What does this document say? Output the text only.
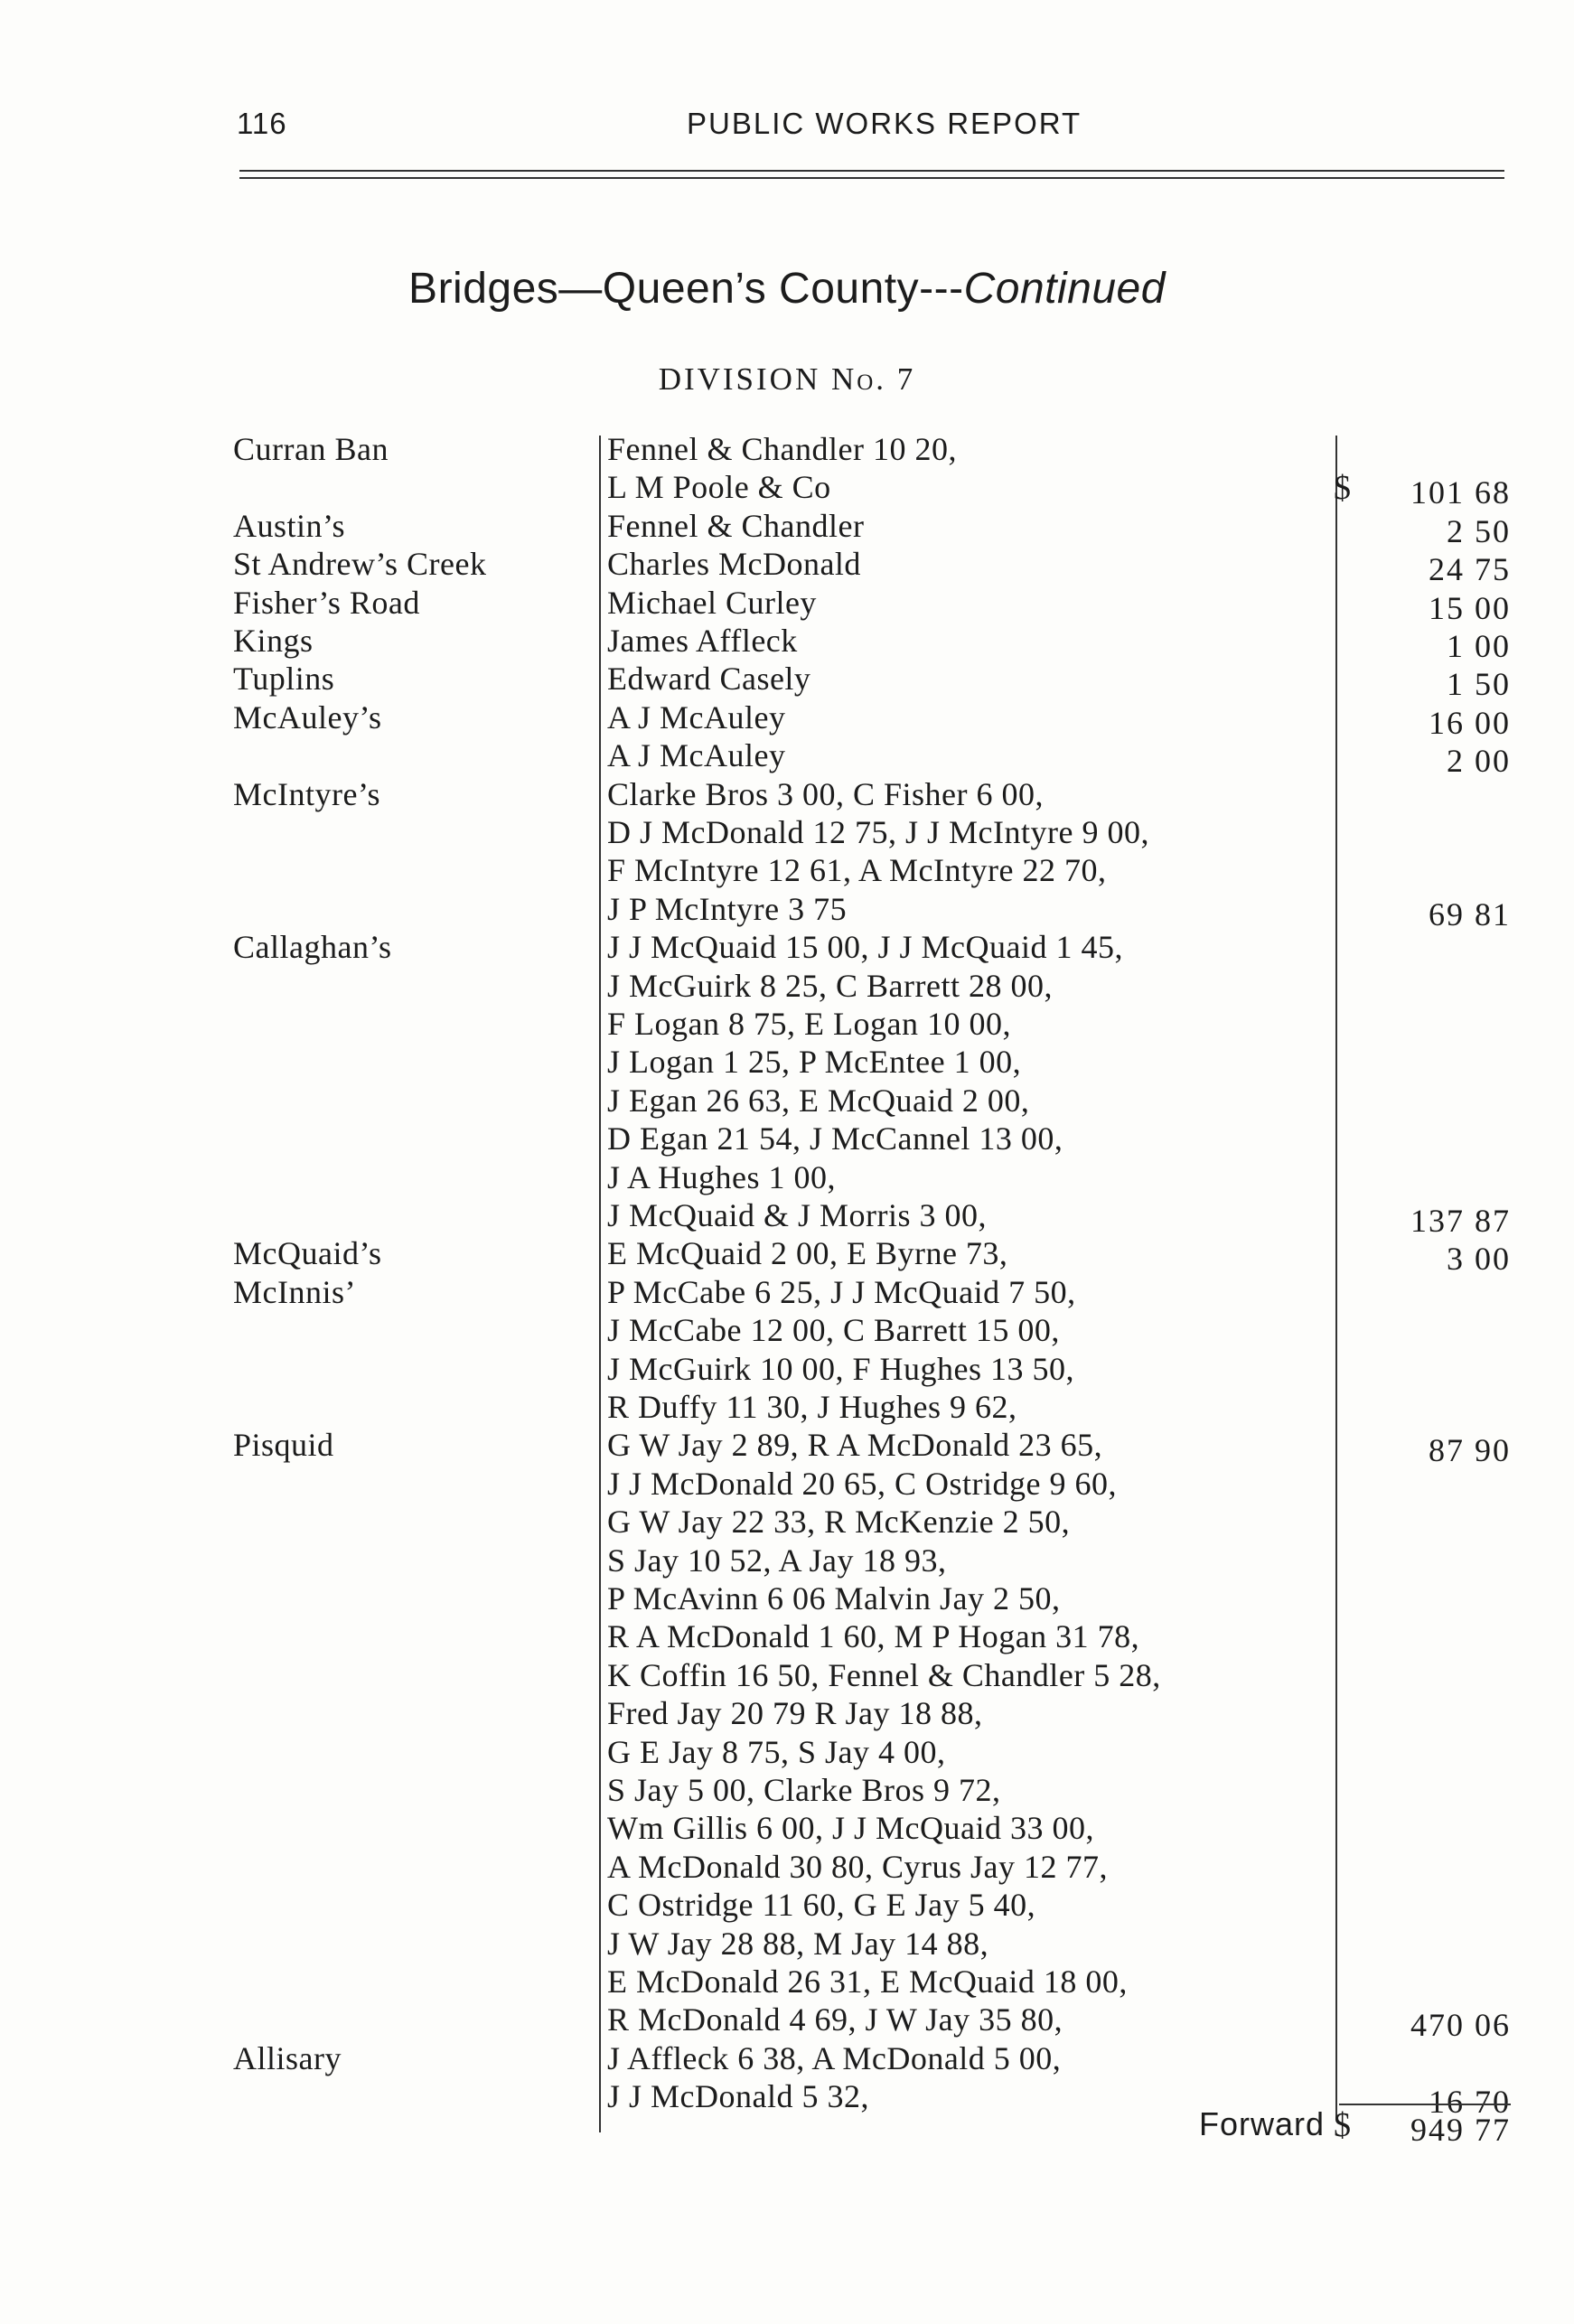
116	PUBLIC WORKS REPORT
Bridges—Queen’s County---Continued
DIVISION No. 7
Fennel & Chandler 10 20,
L M Poole & Co
Fennel & Chandler
Charles McDonald
Michael Curley
James Affleck
Edward Casely
A J McAuley
A J McAuley
Clarke Bros 3 00, C Fisher 6 00,
D J McDonald 12 75, J J McIntyre 9 00,
F McIntyre 12 61, A McIntyre 22 70,
J P McIntyre 3 75
J J McQuaid 15 00, J J McQuaid 1 45,
J McGuirk 8 25, C Barrett 28 00,
F Logan 8 75, E Logan 10 00,
J Logan 1 25, P McEntee 1 00,
J Egan 26 63, E McQuaid 2 00,
D Egan 21 54, J McCannel 13 00,
J A Hughes 1 00,
J McQuaid & J Morris 3 00,
E McQuaid 2 00, E Byrne 73,
P McCabe 6 25, J J McQuaid 7 50,
J McCabe 12 00, C Barrett 15 00,
J McGuirk 10 00, F Hughes 13 50,
R Duffy 11 30, J Hughes 9 62,
G W Jay 2 89, R A McDonald 23 65,
J J McDonald 20 65, C Ostridge 9 60,
G W Jay 22 33, R McKenzie 2 50,
S Jay 10 52, A Jay 18 93,
P McAvinn 6 06 Malvin Jay 2 50,
R A McDonald 1 60, M P Hogan 31 78,
K Coffin 16 50, Fennel & Chandler 5 28,
Fred Jay 20 79 R Jay 18 88,
G E Jay 8 75, S Jay 4 00,
S Jay 5 00, Clarke Bros 9 72,
Wm Gillis 6 00, J J McQuaid 33 00,
A McDonald 30 80, Cyrus Jay 12 77,
C Ostridge 11 60, G E Jay 5 40,
J W Jay 28 88, M Jay 14 88,
E McDonald 26 31, E McQuaid 18 00,
R McDonald 4 69, J W Jay 35 80,
J Affleck 6 38, A McDonald 5 00,
J J McDonald 5 32,
Curran Ban
Austin’s
St Andrew’s Creek
Fisher’s Road
Kings
Tuplins
McAuley’s
McIntyre’s
Callaghan’s
McQuaid’s
McInnis’
Pisquid
Allisary
101 68
2 50
24 75
15 00
1 00
1 50
16 00
2 00
69 81
137 87
3 00
87 90
470 06
16 70
$
Forward $	949 77
